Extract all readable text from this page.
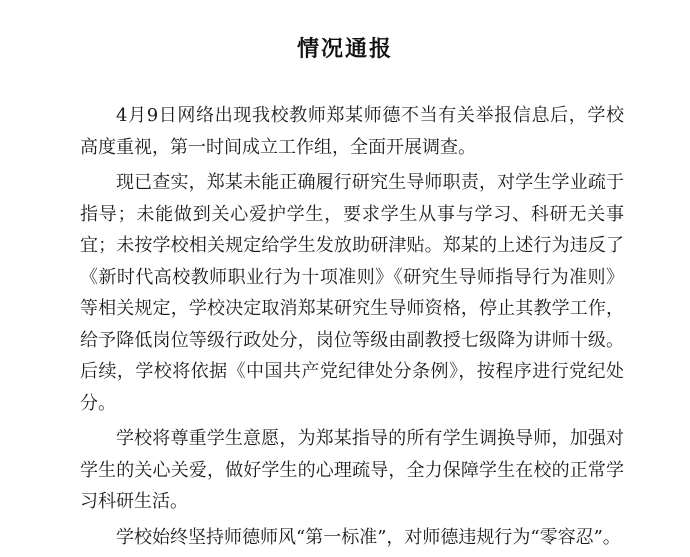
情况通报

4月9日网络出现我校教师郑某师德不当有关举报信息后，学校高度重视，第一时间成立工作组，全面开展调查。

现已查实，郑某未能正确履行研究生导师职责，对学生学业疏于指导；未能做到关心爱护学生，要求学生从事与学习、科研无关事宜；未按学校相关规定给学生发放助研津贴。郑某的上述行为违反了《新时代高校教师职业行为十项准则》《研究生导师指导行为准则》等相关规定，学校决定取消郑某研究生导师资格，停止其教学工作，给予降低岗位等级行政处分，岗位等级由副教授七级降为讲师十级。后续，学校将依据《中国共产党纪律处分条例》，按程序进行党纪处分。

学校将尊重学生意愿，为郑某指导的所有学生调换导师，加强对学生的关心关爱，做好学生的心理疏导，全力保障学生在校的正常学习科研生活。

学校始终坚持师德师风“第一标准”，对师德违规行为“零容忍”。
